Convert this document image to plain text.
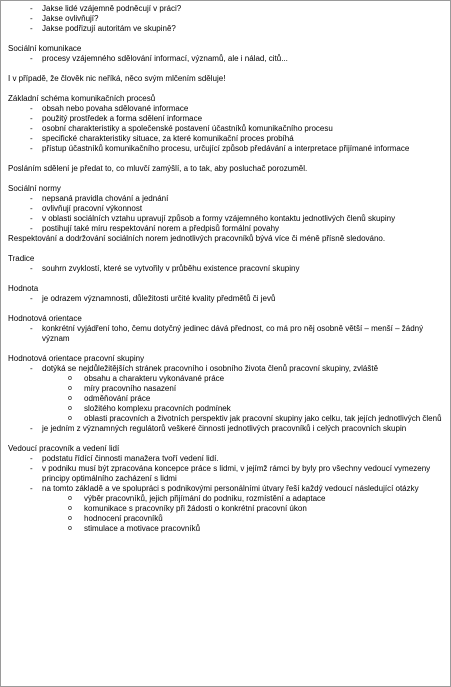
- Jakse lidé vzájemně podněcují v práci?
- Jakse ovlivňují?
- Jakse podřizují autoritám ve skupině?
Sociální komunikace
- procesy vzájemného sdělování informací, významů, ale i nálad, citů...
I v případě, že člověk nic neříká, něco svým mlčením sděluje!
Základní schéma komunikačních procesů
- obsah nebo povaha sdělované informace
- použitý prostředek a forma sdělení informace
- osobní charakteristiky a společenské postavení účastníků komunikačního procesu
- specifické charakteristiky situace, za které komunikační proces probíhá
- přístup účastníků komunikačního procesu, určující způsob předávání a interpretace přijímané informace
Posláním sdělení je předat to, co mluvčí zamýšlí, a to tak, aby posluchač porozuměl.
Sociální normy
- nepsaná pravidla chování a jednání
- ovlivňují pracovní výkonnost
- v oblasti sociálních vztahu upravují způsob a formy vzájemného kontaktu jednotlivých členů skupiny
- postihují také míru respektování norem a předpisů formální povahy
Respektování a dodržování sociálních norem jednotlivých pracovníků bývá více či méně přísně sledováno.
Tradice
- souhrn zvyklostí, které se vytvořily v průběhu existence pracovní skupiny
Hodnota
- je odrazem významnosti, důležitosti určité kvality předmětů či jevů
Hodnotová orientace
- konkrétní vyjádření toho, čemu dotyčný jedinec dává přednost, co má pro něj osobně větší – menší – žádný význam
Hodnotová orientace pracovní skupiny
- dotýká se nejdůležitějších stránek pracovního i osobního života členů pracovní skupiny, zvláště
o obsahu a charakteru vykonávané práce
o míry pracovního nasazení
o odměňování práce
o složitého komplexu pracovních podmínek
o oblasti pracovních a životních perspektiv jak pracovní skupiny jako celku, tak jejích jednotlivých členů
- je jedním z významných regulátorů veškeré činnosti jednotlivých pracovníků i celých pracovních skupin
Vedoucí pracovník a vedení lidí
- podstatu řídící činnosti manažera tvoří vedení lidí.
- v podniku musí být zpracována koncepce práce s lidmi, v jejímž rámci by byly pro všechny vedoucí vymezeny principy optimálního zacházení s lidmi
- na tomto základě a ve spolupráci s podnikovými personálními útvary řeší každý vedoucí následující otázky
o výběr pracovníků, jejich přijímání do podniku, rozmístění a adaptace
o komunikace s pracovníky při žádosti o konkrétní pracovní úkon
o hodnocení pracovníků
o stimulace a motivace pracovníků
